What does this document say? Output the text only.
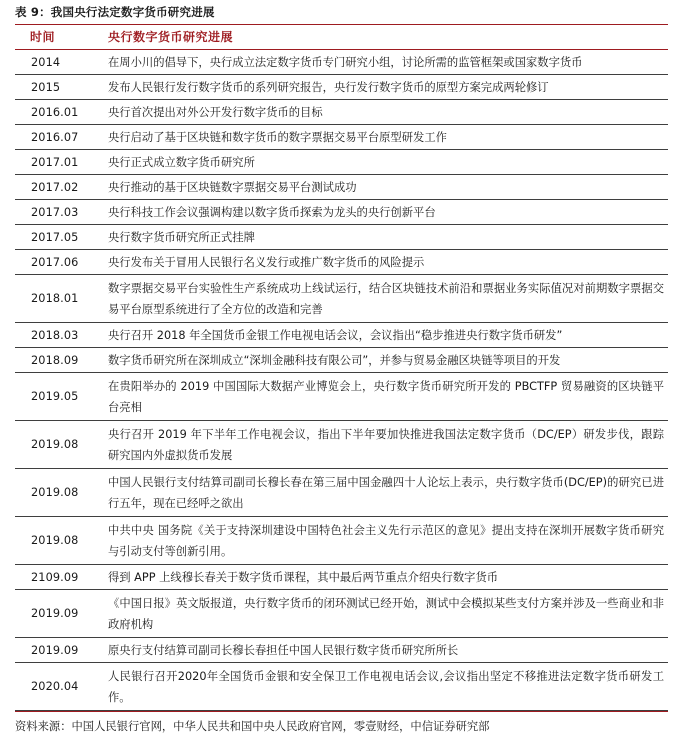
表 9：我国央行法定数字货币研究进展
时间	央行数字货币研究进展
2014	在周小川的倡导下，央行成立法定数字货币专门研究小组，讨论所需的监管框架或国家数字货币
2015	发布人民银行发行数字货币的系列研究报告，央行发行数字货币的原型方案完成两轮修订
2016.01	央行首次提出对外公开发行数字货币的目标
2016.07	央行启动了基于区块链和数字货币的数字票据交易平台原型研发工作
2017.01	央行正式成立数字货币研究所
2017.02	央行推动的基于区块链数字票据交易平台测试成功
2017.03	央行科技工作会议强调构建以数字货币探索为龙头的央行创新平台
2017.05	央行数字货币研究所正式挂牌
2017.06	央行发布关于冒用人民银行名义发行或推广数字货币的风险提示
2018.01	数字票据交易平台实验性生产系统成功上线试运行，结合区块链技术前沿和票据业务实际值况对前期数字票据交易平台原型系统进行了全方位的改造和完善
2018.03	央行召开 2018 年全国货币金银工作电视电话会议，会议指出“稳步推进央行数字货币研发”
2018.09	数字货币研究所在深圳成立“深圳金融科技有限公司”，并参与贸易金融区块链等项目的开发
2019.05	在贵阳举办的 2019 中国国际大数据产业博览会上，央行数字货币研究所开发的 PBCTFP 贸易融资的区块链平台亮相
2019.08	央行召开 2019 年下半年工作电视会议，指出下半年要加快推进我国法定数字货币（DC/EP）研发步伐，跟踪研究国内外虚拟货币发展
2019.08	中国人民银行支付结算司副司长穆长春在第三届中国金融四十人论坛上表示，央行数字货币(DC/EP)的研究已进行五年，现在已经呼之欲出
2019.08	中共中央 国务院《关于支持深圳建设中国特色社会主义先行示范区的意见》提出支持在深圳开展数字货币研究与引动支付等创新引用。
2109.09	得到 APP 上线穆长春关于数字货币课程，其中最后两节重点介绍央行数字货币
2019.09	《中国日报》英文版报道，央行数字货币的闭环测试已经开始，测试中会模拟某些支付方案并涉及一些商业和非政府机构
2019.09	原央行支付结算司副司长穆长春担任中国人民银行数字货币研究所所长
2020.04	人民银行召开2020年全国货币金银和安全保卫工作电视电话会议,会议指出坚定不移推进法定数字货币研发工作。
资料来源：中国人民银行官网，中华人民共和国中央人民政府官网，零壹财经，中信证券研究部
